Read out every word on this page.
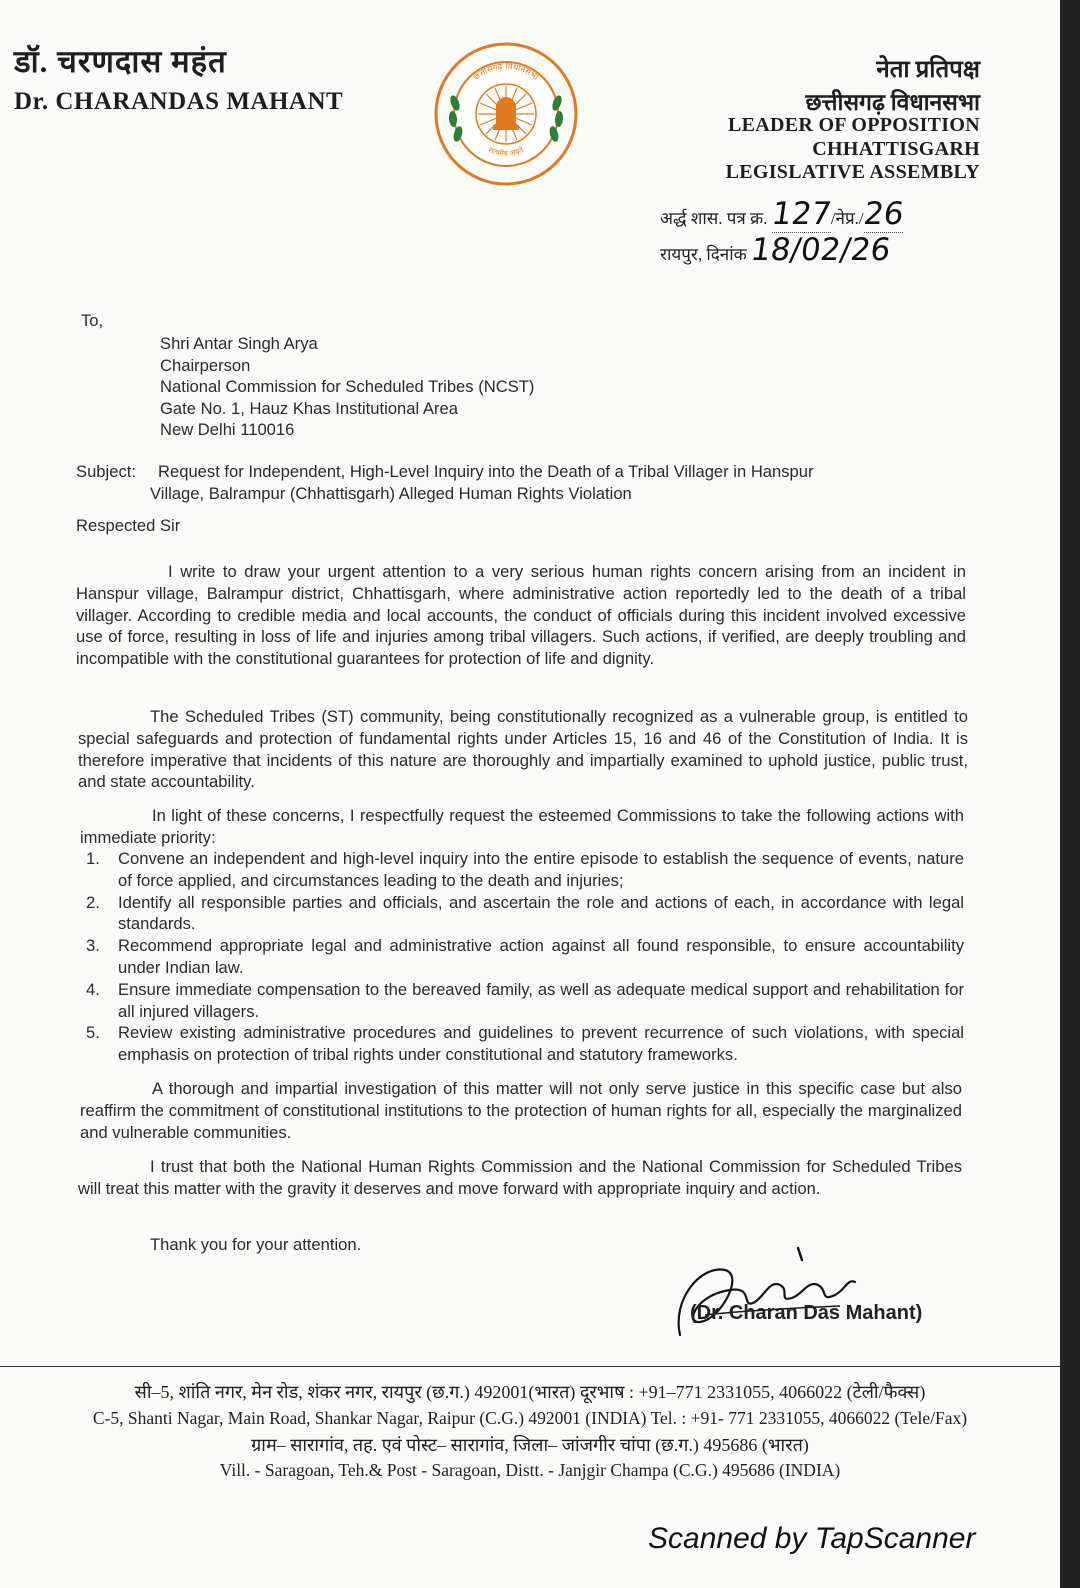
डॉ. चरणदास महंत
Dr. CHARANDAS MAHANT
छत्तीसगढ़ विधानसभा
सत्यमेव जयते
नेता प्रतिपक्ष
छत्तीसगढ़ विधानसभा
LEADER OF OPPOSITION
CHHATTISGARH
LEGISLATIVE ASSEMBLY
अर्द्ध शास. पत्र क्र. 127/नेप्र./26
रायपुर, दिनांक 18/02/26
To,
Shri Antar Singh Arya
Chairperson
National Commission for Scheduled Tribes (NCST)
Gate No. 1, Hauz Khas Institutional Area
New Delhi 110016
Subject: Request for Independent, High-Level Inquiry into the Death of a Tribal Villager in Hanspur
Village, Balrampur (Chhattisgarh) Alleged Human Rights Violation
Respected Sir
I write to draw your urgent attention to a very serious human rights concern arising from an incident in Hanspur village, Balrampur district, Chhattisgarh, where administrative action reportedly led to the death of a tribal villager. According to credible media and local accounts, the conduct of officials during this incident involved excessive use of force, resulting in loss of life and injuries among tribal villagers. Such actions, if verified, are deeply troubling and incompatible with the constitutional guarantees for protection of life and dignity.
The Scheduled Tribes (ST) community, being constitutionally recognized as a vulnerable group, is entitled to special safeguards and protection of fundamental rights under Articles 15, 16 and 46 of the Constitution of India. It is therefore imperative that incidents of this nature are thoroughly and impartially examined to uphold justice, public trust, and state accountability.
In light of these concerns, I respectfully request the esteemed Commissions to take the following actions with immediate priority:
1. Convene an independent and high-level inquiry into the entire episode to establish the sequence of events, nature of force applied, and circumstances leading to the death and injuries;
2. Identify all responsible parties and officials, and ascertain the role and actions of each, in accordance with legal standards.
3. Recommend appropriate legal and administrative action against all found responsible, to ensure accountability under Indian law.
4. Ensure immediate compensation to the bereaved family, as well as adequate medical support and rehabilitation for all injured villagers.
5. Review existing administrative procedures and guidelines to prevent recurrence of such violations, with special emphasis on protection of tribal rights under constitutional and statutory frameworks.
A thorough and impartial investigation of this matter will not only serve justice in this specific case but also reaffirm the commitment of constitutional institutions to the protection of human rights for all, especially the marginalized and vulnerable communities.
I trust that both the National Human Rights Commission and the National Commission for Scheduled Tribes will treat this matter with the gravity it deserves and move forward with appropriate inquiry and action.
Thank you for your attention.
(Dr. Charan Das Mahant)
सी–5, शांति नगर, मेन रोड, शंकर नगर, रायपुर (छ.ग.) 492001(भारत) दूरभाष : +91–771 2331055, 4066022 (टेली/फैक्स)
C-5, Shanti Nagar, Main Road, Shankar Nagar, Raipur (C.G.) 492001 (INDIA) Tel. : +91- 771 2331055, 4066022 (Tele/Fax)
ग्राम– सारागांव, तह. एवं पोस्ट– सारागांव, जिला– जांजगीर चांपा (छ.ग.) 495686 (भारत)
Vill. - Saragoan, Teh.& Post - Saragoan, Distt. - Janjgir Champa (C.G.) 495686 (INDIA)
Scanned by TapScanner
